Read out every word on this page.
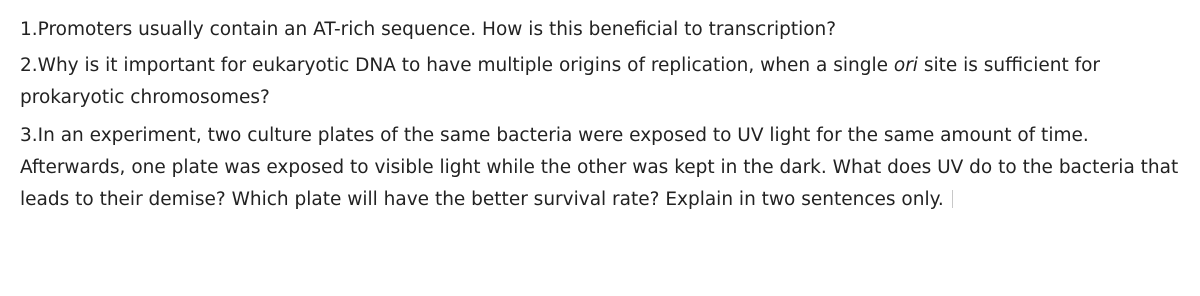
1.Promoters usually contain an AT-rich sequence. How is this beneficial to transcription?

2.Why is it important for eukaryotic DNA to have multiple origins of replication, when a single ori site is sufficient for prokaryotic chromosomes?

3.In an experiment, two culture plates of the same bacteria were exposed to UV light for the same amount of time. Afterwards, one plate was exposed to visible light while the other was kept in the dark. What does UV do to the bacteria that leads to their demise? Which plate will have the better survival rate? Explain in two sentences only.
